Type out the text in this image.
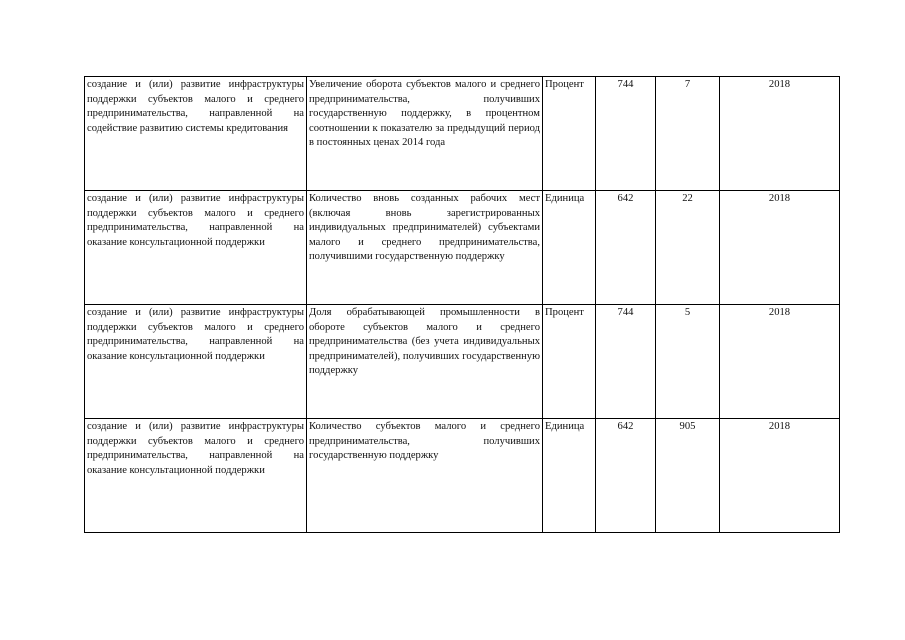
создание и (или) развитие инфраструктуры поддержки субъектов малого и среднего предпринимательства, направленной на содействие развитию системы кредитования	Увеличение оборота субъектов малого и среднего предпринимательства, получивших государственную поддержку, в процентном соотношении к показателю за предыдущий период в постоянных ценах 2014 года	Процент	744	7	2018
создание и (или) развитие инфраструктуры поддержки субъектов малого и среднего предпринимательства, направленной на оказание консультационной поддержки	Количество вновь созданных рабочих мест (включая вновь зарегистрированных индивидуальных предпринимателей) субъектами малого и среднего предпринимательства, получившими государственную поддержку	Единица	642	22	2018
создание и (или) развитие инфраструктуры поддержки субъектов малого и среднего предпринимательства, направленной на оказание консультационной поддержки	Доля обрабатывающей промышленности в обороте субъектов малого и среднего предпринимательства (без учета индивидуальных предпринимателей), получивших государственную поддержку	Процент	744	5	2018
создание и (или) развитие инфраструктуры поддержки субъектов малого и среднего предпринимательства, направленной на оказание консультационной поддержки	Количество субъектов малого и среднего предпринимательства, получивших государственную поддержку	Единица	642	905	2018
